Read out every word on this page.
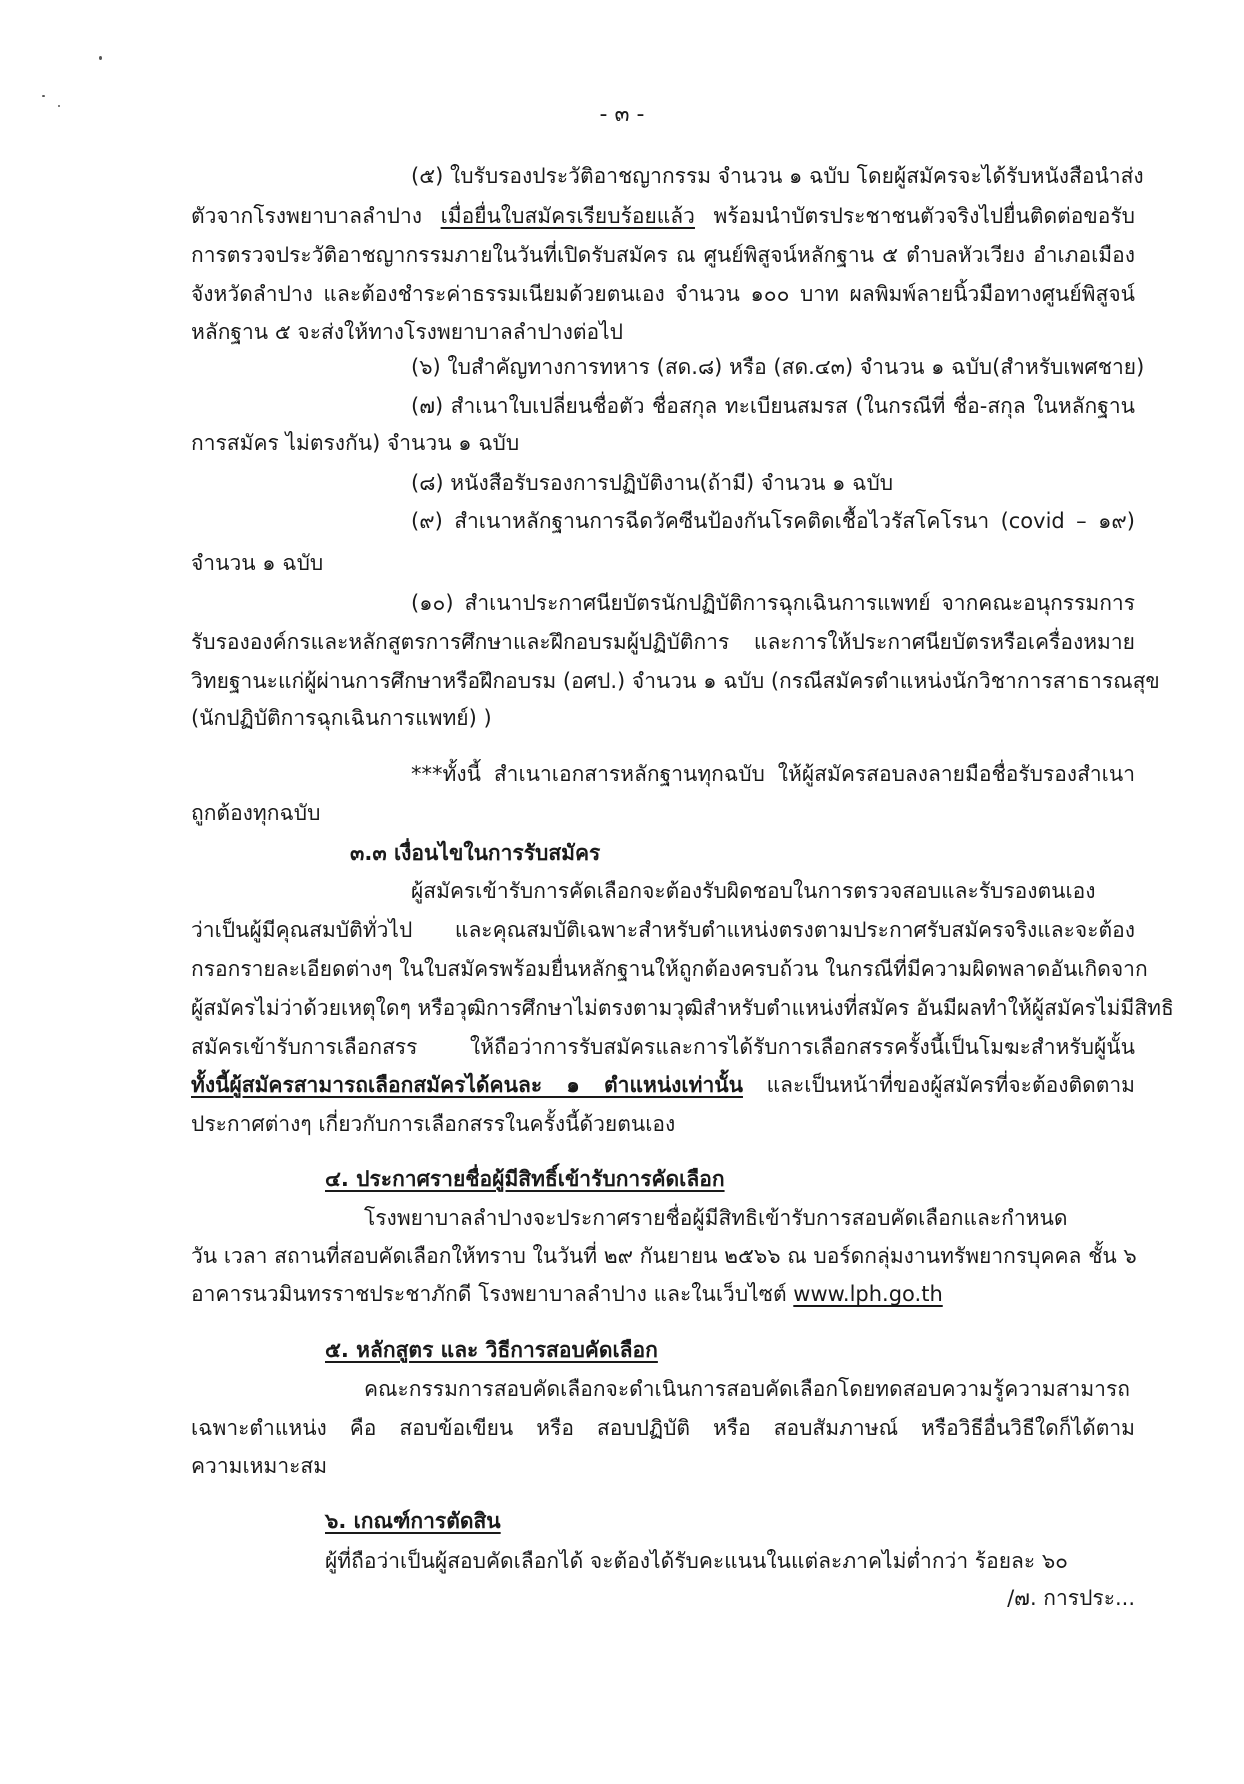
- ๓ -
(๕) ใบรับรองประวัติอาชญากรรม จำนวน ๑ ฉบับ โดยผู้สมัครจะได้รับหนังสือนำส่ง
ตัวจากโรงพยาบาลลำปาง เมื่อยื่นใบสมัครเรียบร้อยแล้ว พร้อมนำบัตรประชาชนตัวจริงไปยื่นติดต่อขอรับ
การตรวจประวัติอาชญากรรมภายในวันที่เปิดรับสมัคร ณ ศูนย์พิสูจน์หลักฐาน ๕ ตำบลหัวเวียง อำเภอเมือง
จังหวัดลำปาง และต้องชำระค่าธรรมเนียมด้วยตนเอง จำนวน ๑๐๐ บาท ผลพิมพ์ลายนิ้วมือทางศูนย์พิสูจน์
หลักฐาน ๕ จะส่งให้ทางโรงพยาบาลลำปางต่อไป
(๖) ใบสำคัญทางการทหาร (สด.๘) หรือ (สด.๔๓) จำนวน ๑ ฉบับ(สำหรับเพศชาย)
(๗) สำเนาใบเปลี่ยนชื่อตัว ชื่อสกุล ทะเบียนสมรส (ในกรณีที่ ชื่อ-สกุล ในหลักฐาน
การสมัคร ไม่ตรงกัน) จำนวน ๑ ฉบับ
(๘) หนังสือรับรองการปฏิบัติงาน(ถ้ามี) จำนวน ๑ ฉบับ
(๙) สำเนาหลักฐานการฉีดวัคซีนป้องกันโรคติดเชื้อไวรัสโคโรนา (covid – ๑๙)
จำนวน ๑ ฉบับ
(๑๐) สำเนาประกาศนียบัตรนักปฏิบัติการฉุกเฉินการแพทย์ จากคณะอนุกรรมการ
รับรององค์กรและหลักสูตรการศึกษาและฝึกอบรมผู้ปฏิบัติการ และการให้ประกาศนียบัตรหรือเครื่องหมาย
วิทยฐานะแก่ผู้ผ่านการศึกษาหรือฝึกอบรม (อศป.) จำนวน ๑ ฉบับ (กรณีสมัครตำแหน่งนักวิชาการสาธารณสุข
(นักปฏิบัติการฉุกเฉินการแพทย์) )
***ทั้งนี้ สำเนาเอกสารหลักฐานทุกฉบับ ให้ผู้สมัครสอบลงลายมือชื่อรับรองสำเนา
ถูกต้องทุกฉบับ
๓.๓ เงื่อนไขในการรับสมัคร
ผู้สมัครเข้ารับการคัดเลือกจะต้องรับผิดชอบในการตรวจสอบและรับรองตนเอง
ว่าเป็นผู้มีคุณสมบัติทั่วไป และคุณสมบัติเฉพาะสำหรับตำแหน่งตรงตามประกาศรับสมัครจริงและจะต้อง
กรอกรายละเอียดต่างๆ ในใบสมัครพร้อมยื่นหลักฐานให้ถูกต้องครบถ้วน ในกรณีที่มีความผิดพลาดอันเกิดจาก
ผู้สมัครไม่ว่าด้วยเหตุใดๆ หรือวุฒิการศึกษาไม่ตรงตามวุฒิสำหรับตำแหน่งที่สมัคร อันมีผลทำให้ผู้สมัครไม่มีสิทธิ
สมัครเข้ารับการเลือกสรร ให้ถือว่าการรับสมัครและการได้รับการเลือกสรรครั้งนี้เป็นโมฆะสำหรับผู้นั้น
ทั้งนี้ผู้สมัครสามารถเลือกสมัครได้คนละ ๑ ตำแหน่งเท่านั้น และเป็นหน้าที่ของผู้สมัครที่จะต้องติดตาม
ประกาศต่างๆ เกี่ยวกับการเลือกสรรในครั้งนี้ด้วยตนเอง
๔. ประกาศรายชื่อผู้มีสิทธิ์เข้ารับการคัดเลือก
โรงพยาบาลลำปางจะประกาศรายชื่อผู้มีสิทธิเข้ารับการสอบคัดเลือกและกำหนด
วัน เวลา สถานที่สอบคัดเลือกให้ทราบ ในวันที่ ๒๙ กันยายน ๒๕๖๖ ณ บอร์ดกลุ่มงานทรัพยากรบุคคล ชั้น ๖
อาคารนวมินทรราชประชาภักดี โรงพยาบาลลำปาง และในเว็บไซต์ www.lph.go.th
๕. หลักสูตร และ วิธีการสอบคัดเลือก
คณะกรรมการสอบคัดเลือกจะดำเนินการสอบคัดเลือกโดยทดสอบความรู้ความสามารถ
เฉพาะตำแหน่ง คือ สอบข้อเขียน หรือ สอบปฏิบัติ หรือ สอบสัมภาษณ์ หรือวิธีอื่นวิธีใดก็ได้ตาม
ความเหมาะสม
๖. เกณฑ์การตัดสิน
ผู้ที่ถือว่าเป็นผู้สอบคัดเลือกได้ จะต้องได้รับคะแนนในแต่ละภาคไม่ต่ำกว่า ร้อยละ ๖๐
/๗. การประ...
